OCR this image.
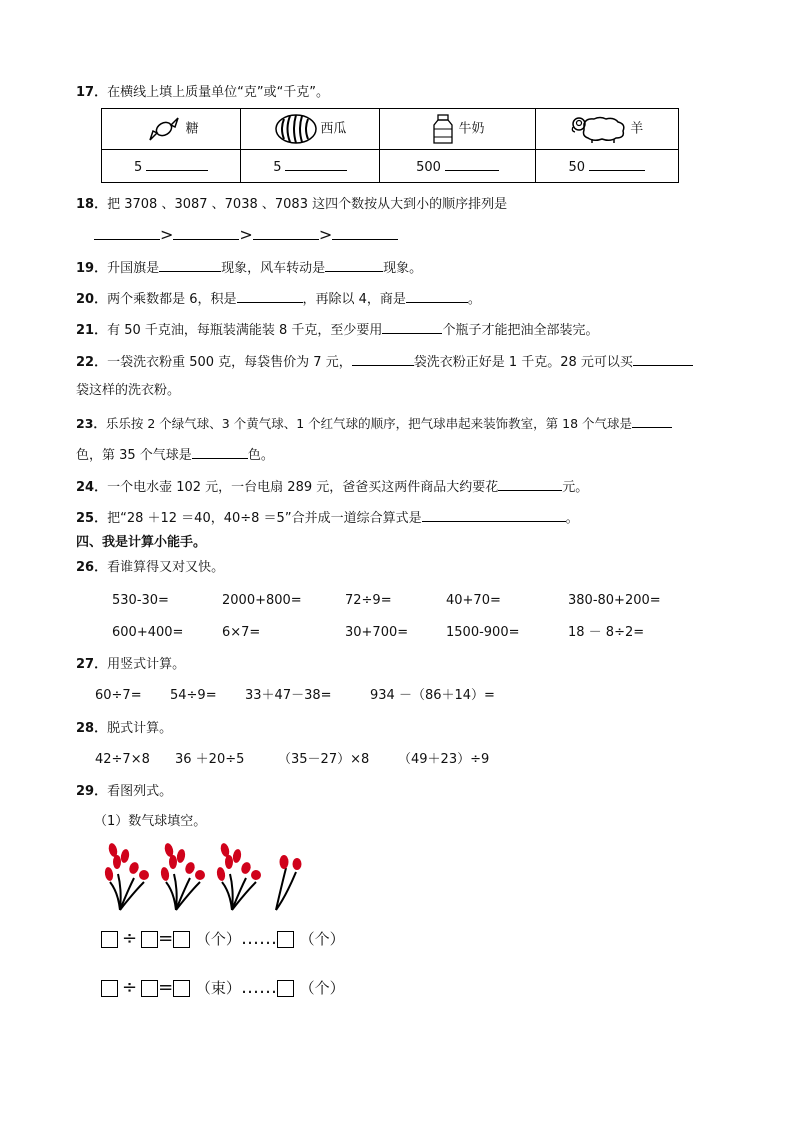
17．在横线上填上质量单位“克”或“千克”。
糖	西瓜	牛奶	羊
5	5	500	50
18．把 3708 、3087 、7038 、7083 这四个数按从大到小的顺序排列是
>	>	>
19．升国旗是	现象，风车转动是	现象。
20．两个乘数都是 6，积是	，再除以 4，商是	。
21．有 50 千克油，每瓶装满能装 8 千克，至少要用	个瓶子才能把油全部装完。
22．一袋洗衣粉重 500 克，每袋售价为 7 元，	袋洗衣粉正好是 1 千克。28 元可以买
袋这样的洗衣粉。
23．乐乐按 2 个绿气球、3 个黄气球、1 个红气球的顺序，把气球串起来装饰教室，第 18 个气球是
色，第 35 个气球是	色。
24．一个电水壶 102 元，一台电扇 289 元，爸爸买这两件商品大约要花	元。
25．把“28 ＋12 ＝40，40÷8 ＝5”合并成一道综合算式是	。
四、我是计算小能手。
26．看谁算得又对又快。
530-30=	2000+800=	72÷9=	40+70=	380-80+200=
600+400=	6×7=	30+700=	1500-900=	18 － 8÷2=
27．用竖式计算。
60÷7= 54÷9= 33＋47－38=	934 －（86＋14）=
28．脱式计算。
42÷7×8 36 ＋20÷5	（35－27）×8 （49＋23）÷9
29．看图列式。
（1）数气球填空。
÷ = （个）…… （个）
÷ = （束）…… （个）
